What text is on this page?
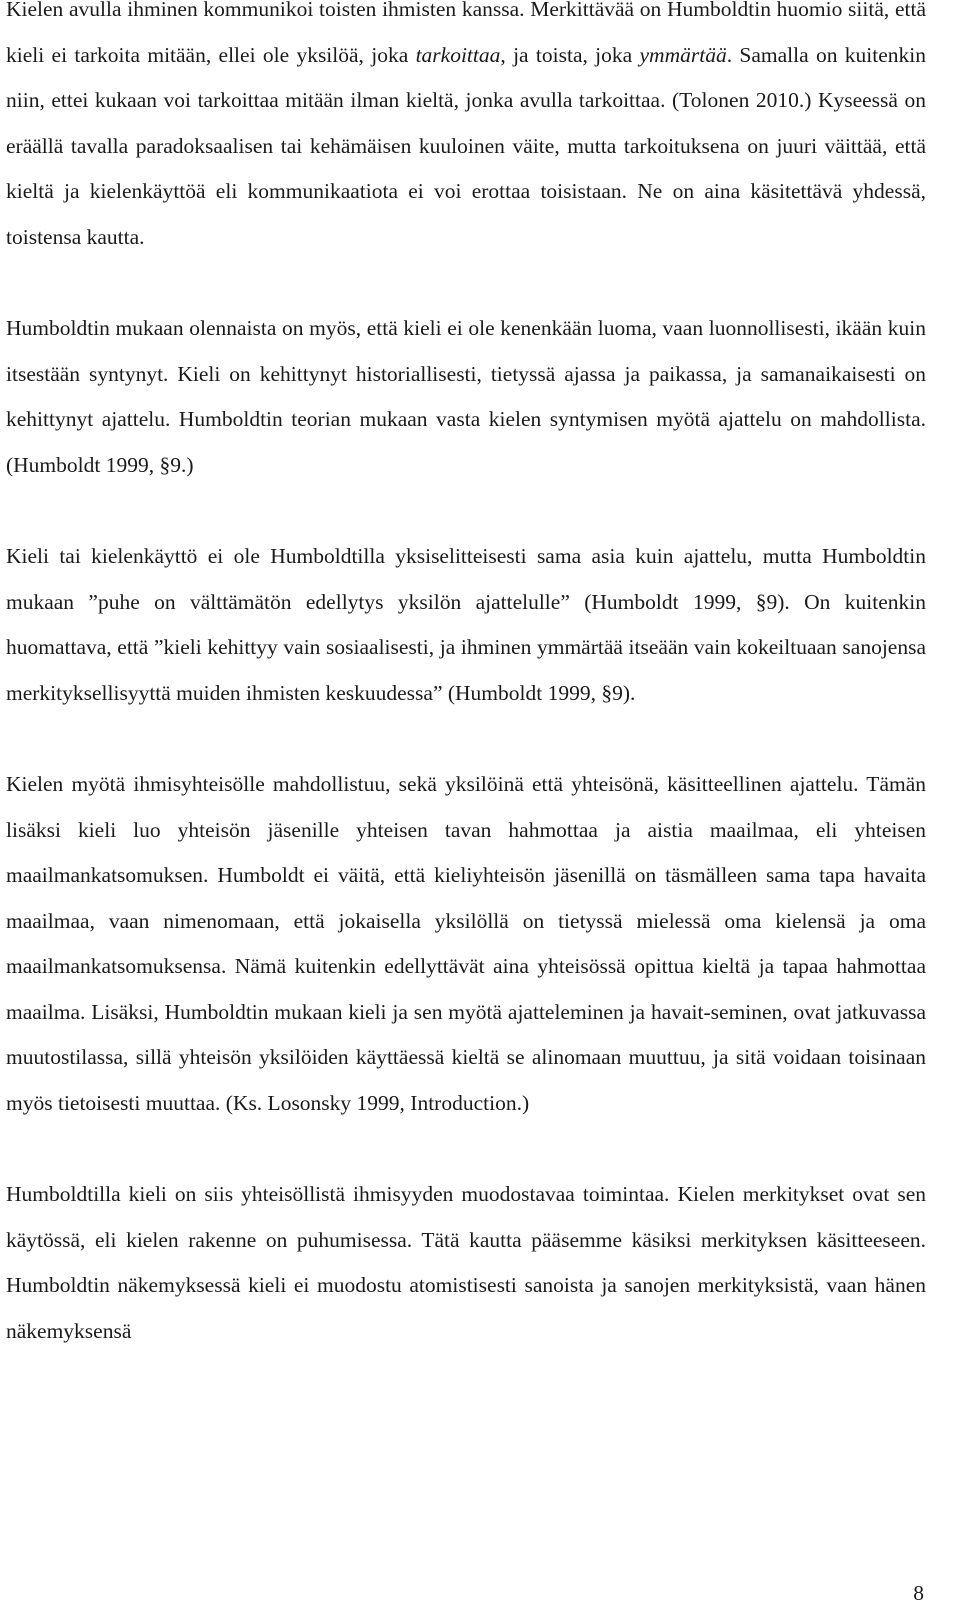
Kielen avulla ihminen kommunikoi toisten ihmisten kanssa. Merkittävää on Humboldtin huomio siitä, että kieli ei tarkoita mitään, ellei ole yksilöä, joka tarkoittaa, ja toista, joka ymmärtää. Samalla on kuitenkin niin, ettei kukaan voi tarkoittaa mitään ilman kieltä, jonka avulla tarkoittaa. (Tolonen 2010.) Kyseessä on eräällä tavalla paradoksaalisen tai kehämäisen kuuloinen väite, mutta tarkoituksena on juuri väittää, että kieltä ja kielenkäyttöä eli kommunikaatiota ei voi erottaa toisistaan. Ne on aina käsitettävä yhdessä, toistensa kautta.

Humboldtin mukaan olennaista on myös, että kieli ei ole kenenkään luoma, vaan luonnollisesti, ikään kuin itsestään syntynyt. Kieli on kehittynyt historiallisesti, tietyssä ajassa ja paikassa, ja samanaikaisesti on kehittynyt ajattelu. Humboldtin teorian mukaan vasta kielen syntymisen myötä ajattelu on mahdollista. (Humboldt 1999, §9.)

Kieli tai kielenkäyttö ei ole Humboldtilla yksiselitteisesti sama asia kuin ajattelu, mutta Humboldtin mukaan ”puhe on välttämätön edellytys yksilön ajattelulle” (Humboldt 1999, §9). On kuitenkin huomattava, että ”kieli kehittyy vain sosiaalisesti, ja ihminen ymmärtää itseään vain kokeiltuaan sanojensa merkityksellisyyttä muiden ihmisten keskuudessa” (Humboldt 1999, §9).

Kielen myötä ihmisyhteisölle mahdollistuu, sekä yksilöinä että yhteisönä, käsitteellinen ajattelu. Tämän lisäksi kieli luo yhteisön jäsenille yhteisen tavan hahmottaa ja aistia maailmaa, eli yhteisen maailmankatsomuksen. Humboldt ei väitä, että kieliyhteisön jäsenillä on täsmälleen sama tapa havaita maailmaa, vaan nimenomaan, että jokaisella yksilöllä on tietyssä mielessä oma kielensä ja oma maailmankatsomuksensa. Nämä kuitenkin edellyttävät aina yhteisössä opittua kieltä ja tapaa hahmottaa maailma. Lisäksi, Humboldtin mukaan kieli ja sen myötä ajatteleminen ja havait-seminen, ovat jatkuvassa muutostilassa, sillä yhteisön yksilöiden käyttäessä kieltä se alinomaan muuttuu, ja sitä voidaan toisinaan myös tietoisesti muuttaa. (Ks. Losonsky 1999, Introduction.)

Humboldtilla kieli on siis yhteisöllistä ihmisyyden muodostavaa toimintaa. Kielen merkitykset ovat sen käytössä, eli kielen rakenne on puhumisessa. Tätä kautta pääsemme käsiksi merkityksen käsitteeseen. Humboldtin näkemyksessä kieli ei muodostu atomistisesti sanoista ja sanojen merkityksistä, vaan hänen näkemyksensä

8
